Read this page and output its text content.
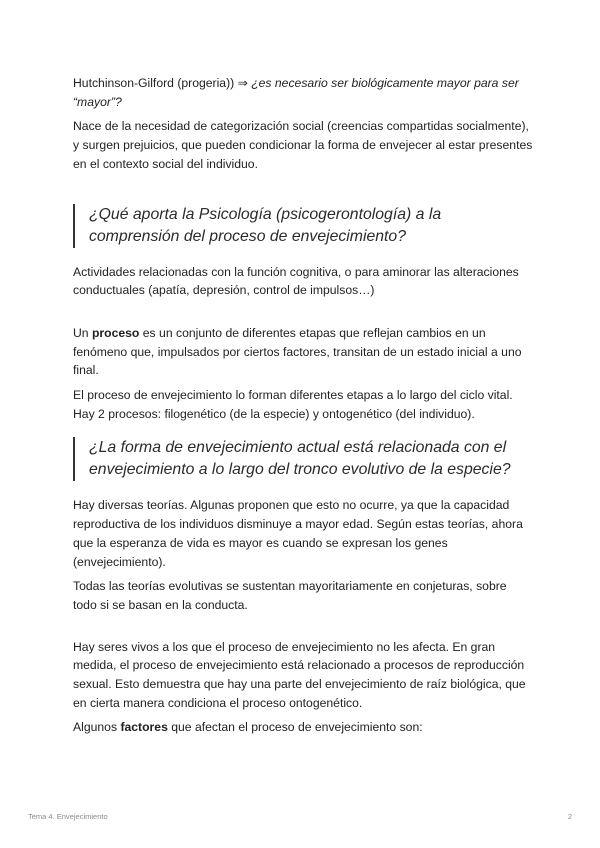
Hutchinson-Gilford (progeria)) ⇒ ¿es necesario ser biológicamente mayor para ser “mayor”?

Nace de la necesidad de categorización social (creencias compartidas socialmente), y surgen prejuicios, que pueden condicionar la forma de envejecer al estar presentes en el contexto social del individuo.

¿Qué aporta la Psicología (psicogerontología) a la
comprensión del proceso de envejecimiento?

Actividades relacionadas con la función cognitiva, o para aminorar las alteraciones conductuales (apatía, depresión, control de impulsos…)

Un proceso es un conjunto de diferentes etapas que reflejan cambios en un fenómeno que, impulsados por ciertos factores, transitan de un estado inicial a uno final.

El proceso de envejecimiento lo forman diferentes etapas a lo largo del ciclo vital. Hay 2 procesos: filogenético (de la especie) y ontogenético (del individuo).

¿La forma de envejecimiento actual está relacionada con el
envejecimiento a lo largo del tronco evolutivo de la especie?

Hay diversas teorías. Algunas proponen que esto no ocurre, ya que la capacidad reproductiva de los individuos disminuye a mayor edad. Según estas teorías, ahora que la esperanza de vida es mayor es cuando se expresan los genes (envejecimiento).

Todas las teorías evolutivas se sustentan mayoritariamente en conjeturas, sobre todo si se basan en la conducta.

Hay seres vivos a los que el proceso de envejecimiento no les afecta. En gran medida, el proceso de envejecimiento está relacionado a procesos de reproducción sexual. Esto demuestra que hay una parte del envejecimiento de raíz biológica, que en cierta manera condiciona el proceso ontogenético.

Algunos factores que afectan el proceso de envejecimiento son:

Tema 4. Envejecimiento	2
